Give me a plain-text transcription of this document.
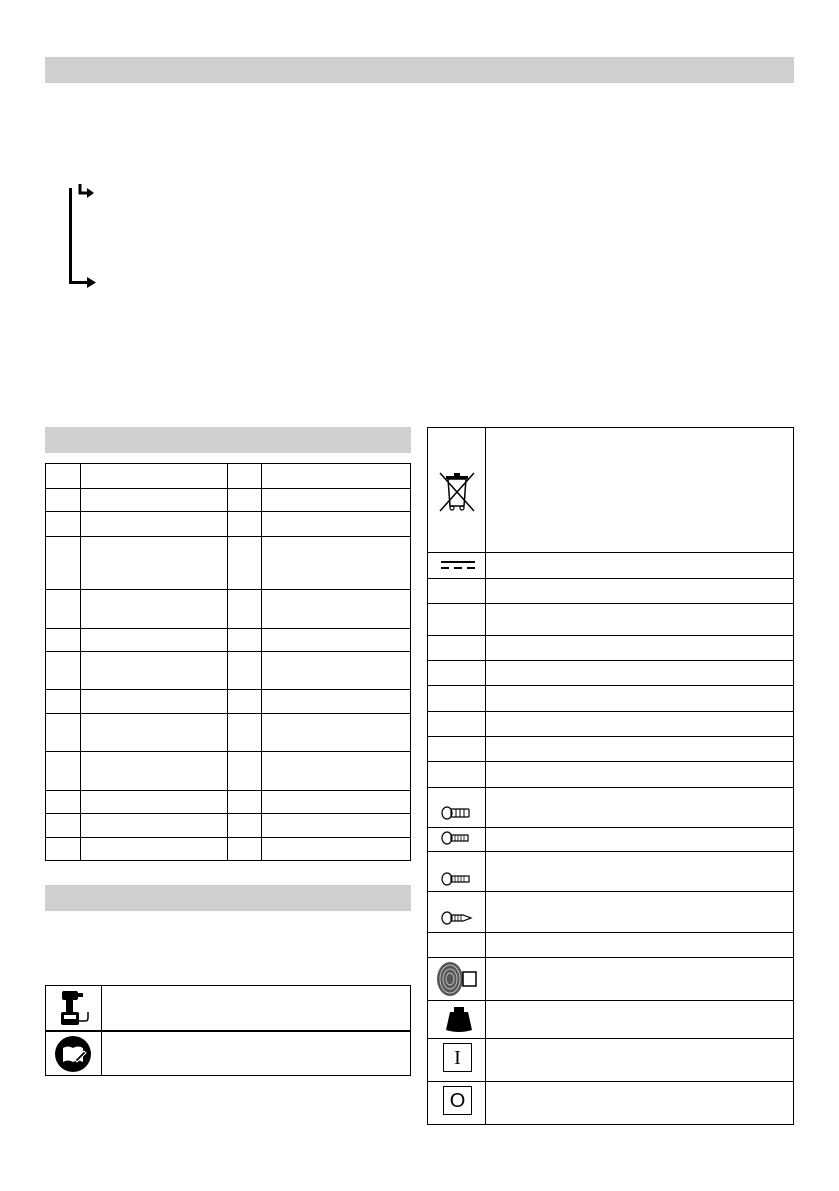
I
O
